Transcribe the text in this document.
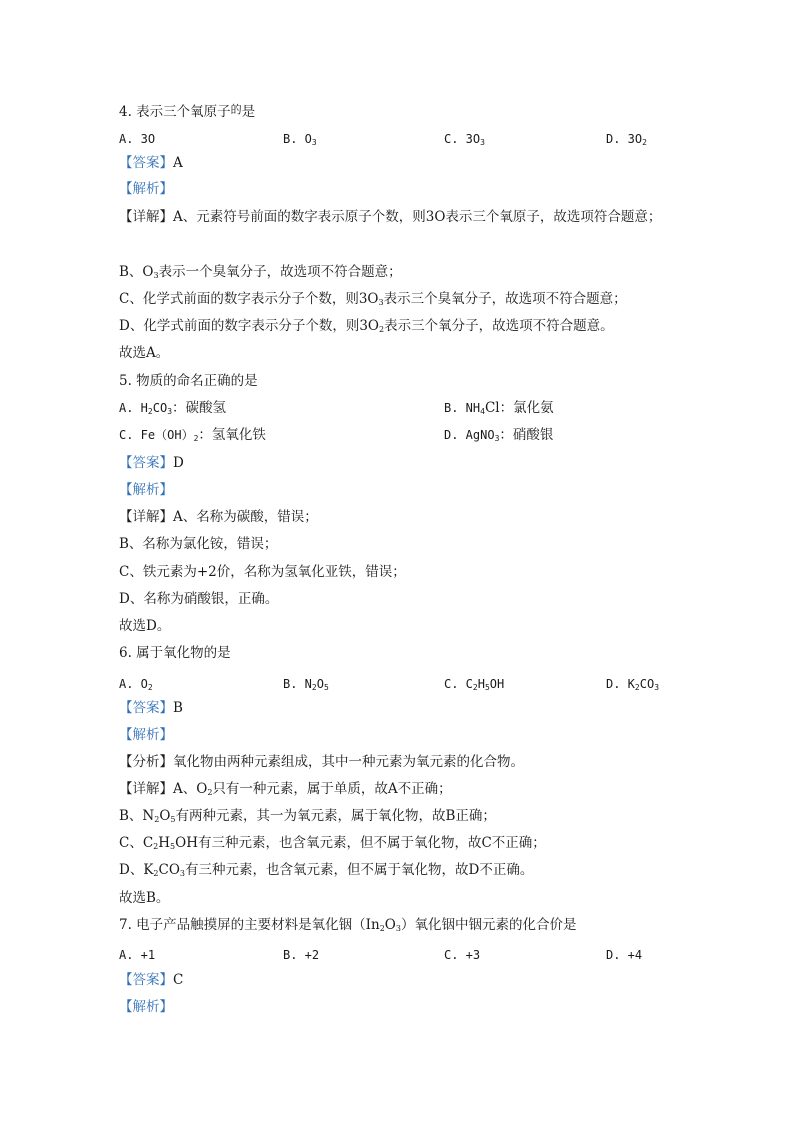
4. 表示三个氧原子$^的$是
A. 3O	B. $O_3$	C. $3O_3$	D. $3O_2$
【答案】A
【解析】
【详解】A、元素符号前面的数字表示原子个数，则3O表示三个氧原子，故选项符合题意；
B、$O_3$表示一个臭氧分子，故选项不符合题意；
C、化学式前面的数字表示分子个数，则$3O_3$表示三个臭氧分子，故选项不符合题意；
D、化学式前面的数字表示分子个数，则$3O_2$表示三个氧分子，故选项不符合题意。
故选A。
5. 物质的命名正确的是
A. $H_2CO_3$：碳酸氢	B. $NH_4Cl$：氯化氨
C. $Fe(OH)_2$：氢氧化铁	D. AgNO$_3$：硝酸银
【答案】D
【解析】
【详解】A、名称为碳酸，错误；
B、名称为氯化铵，错误；
C、铁元素为+2价，名称为氢氧化亚铁，错误；
D、名称为硝酸银，正确。
故选D。
6. 属于氧化物的是
A. $O_2$	B. $N_2O_5$	C. $C_2H_5OH$	D. $K_2CO_3$
【答案】B
【解析】
【分析】氧化物由两种元素组成，其中一种元素为氧元素的化合物。
【详解】A、$O_2$只有一种元素，属于单质，故A不正确；
B、$N_2O_5$有两种元素，其一为氧元素，属于氧化物，故B正确；
C、$C_2H_5OH$有三种元素，也含氧元素，但不属于氧化物，故C不正确；
D、$K_2CO_3$有三种元素，也含氧元素，但不属于氧化物，故D不正确。
故选B。
7. 电子产品触摸屏的主要材料是氧化铟$(In_2O_3)$氧化铟中铟元素的化合价是
A. +1	B. +2	C. +3	D. +4
【答案】C
【解析】
